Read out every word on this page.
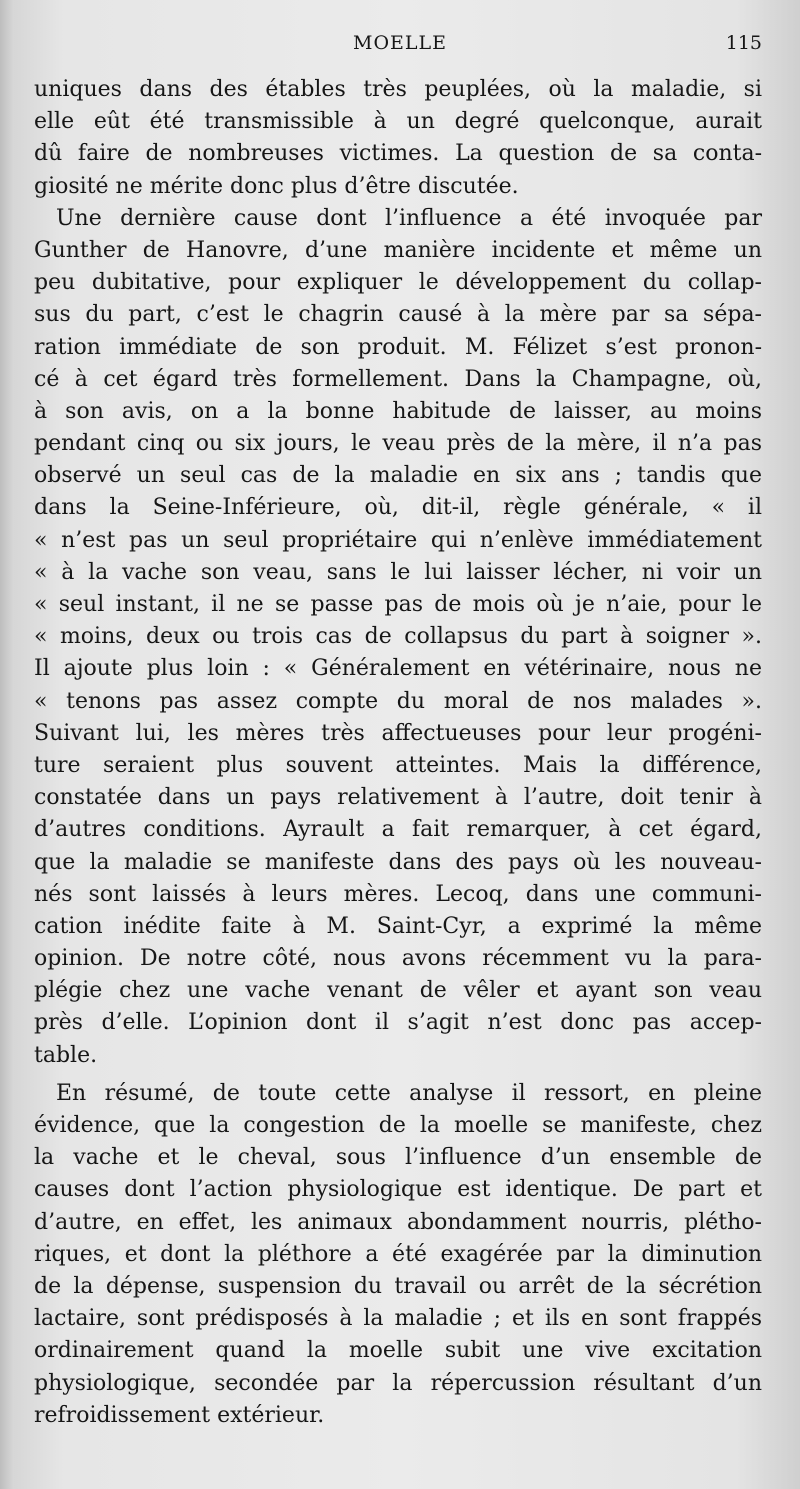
MOELLE	115
uniques dans des étables très peuplées, où la maladie, si
elle eût été transmissible à un degré quelconque, aurait
dû faire de nombreuses victimes. La question de sa conta-
giosité ne mérite donc plus d’être discutée.
Une dernière cause dont l’influence a été invoquée par
Gunther de Hanovre, d’une manière incidente et même un
peu dubitative, pour expliquer le développement du collap-
sus du part, c’est le chagrin causé à la mère par sa sépa-
ration immédiate de son produit. M. Félizet s’est pronon-
cé à cet égard très formellement. Dans la Champagne, où,
à son avis, on a la bonne habitude de laisser, au moins
pendant cinq ou six jours, le veau près de la mère, il n’a pas
observé un seul cas de la maladie en six ans ; tandis que
dans la Seine-Inférieure, où, dit-il, règle générale, « il
« n’est pas un seul propriétaire qui n’enlève immédiatement
« à la vache son veau, sans le lui laisser lécher, ni voir un
« seul instant, il ne se passe pas de mois où je n’aie, pour le
« moins, deux ou trois cas de collapsus du part à soigner ».
Il ajoute plus loin : « Généralement en vétérinaire, nous ne
« tenons pas assez compte du moral de nos malades ».
Suivant lui, les mères très affectueuses pour leur progéni-
ture seraient plus souvent atteintes. Mais la différence,
constatée dans un pays relativement à l’autre, doit tenir à
d’autres conditions. Ayrault a fait remarquer, à cet égard,
que la maladie se manifeste dans des pays où les nouveau-
nés sont laissés à leurs mères. Lecoq, dans une communi-
cation inédite faite à M. Saint-Cyr, a exprimé la même
opinion. De notre côté, nous avons récemment vu la para-
plégie chez une vache venant de vêler et ayant son veau
près d’elle. L’opinion dont il s’agit n’est donc pas accep-
table.
En résumé, de toute cette analyse il ressort, en pleine
évidence, que la congestion de la moelle se manifeste, chez
la vache et le cheval, sous l’influence d’un ensemble de
causes dont l’action physiologique est identique. De part et
d’autre, en effet, les animaux abondamment nourris, plétho-
riques, et dont la pléthore a été exagérée par la diminution
de la dépense, suspension du travail ou arrêt de la sécrétion
lactaire, sont prédisposés à la maladie ; et ils en sont frappés
ordinairement quand la moelle subit une vive excitation
physiologique, secondée par la répercussion résultant d’un
refroidissement extérieur.
